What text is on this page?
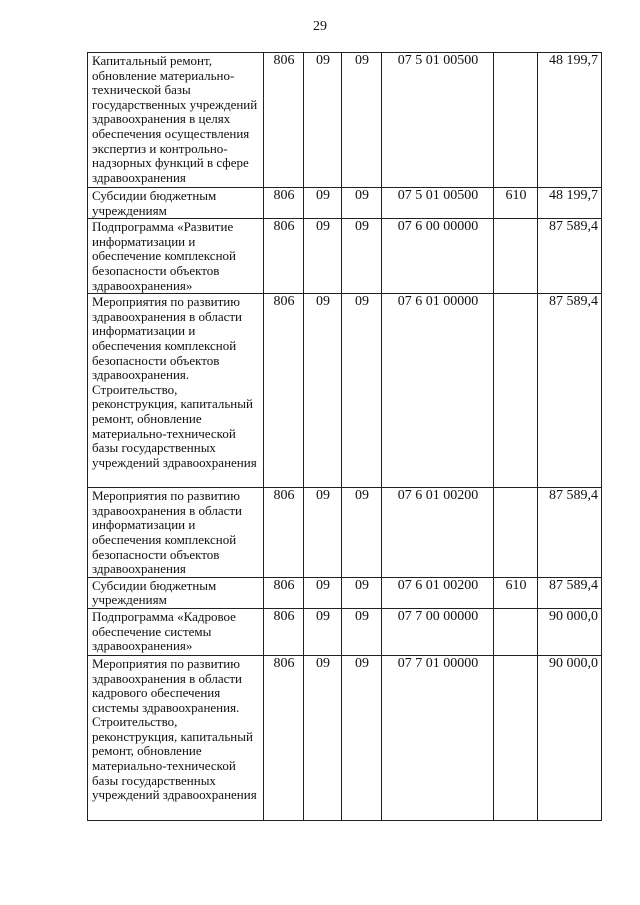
29
Капитальный ремонт, обновление материально-технической базы государственных учреждений здравоохранения в целях обеспечения осуществления экспертиз и контрольно-надзорных функций в сфере здравоохранения	806	09	09	07 5 01 00500		48 199,7
Субсидии бюджетным учреждениям	806	09	09	07 5 01 00500	610	48 199,7
Подпрограмма «Развитие информатизации и обеспечение комплексной безопасности объектов здравоохранения»	806	09	09	07 6 00 00000		87 589,4
Мероприятия по развитию здравоохранения в области информатизации и обеспечения комплексной безопасности объектов здравоохранения. Строительство, реконструкция, капитальный ремонт, обновление материально-технической базы государственных учреждений здравоохранения	806	09	09	07 6 01 00000		87 589,4
Мероприятия по развитию здравоохранения в области информатизации и обеспечения комплексной безопасности объектов здравоохранения	806	09	09	07 6 01 00200		87 589,4
Субсидии бюджетным учреждениям	806	09	09	07 6 01 00200	610	87 589,4
Подпрограмма «Кадровое обеспечение системы здравоохранения»	806	09	09	07 7 00 00000		90 000,0
Мероприятия по развитию здравоохранения в области кадрового обеспечения системы здравоохранения. Строительство, реконструкция, капитальный ремонт, обновление материально-технической базы государственных учреждений здравоохранения	806	09	09	07 7 01 00000		90 000,0
